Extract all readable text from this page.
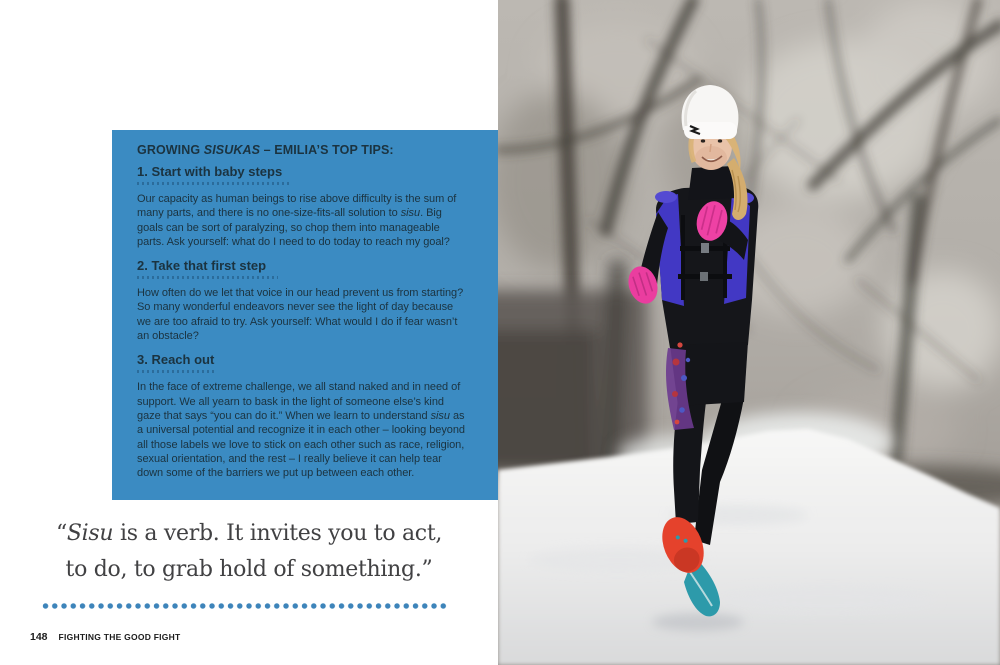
GROWING SISUKAS – EMILIA’S TOP TIPS:
1. Start with baby steps

Our capacity as human beings to rise above difficulty is the sum of many parts, and there is no one-size-fits-all solution to sisu. Big goals can be sort of paralyzing, so chop them into manageable parts. Ask yourself: what do I need to do today to reach my goal?

2. Take that first step

How often do we let that voice in our head prevent us from starting? So many wonderful endeavors never see the light of day because we are too afraid to try. Ask yourself: What would I do if fear wasn’t an obstacle?

3. Reach out

In the face of extreme challenge, we all stand naked and in need of support. We all yearn to bask in the light of someone else’s kind gaze that says “you can do it.” When we learn to understand sisu as a universal potential and recognize it in each other – looking beyond all those labels we love to stick on each other such as race, religion, sexual orientation, and the rest – I really believe it can help tear down some of the barriers we put up between each other.

“Sisu is a verb. It invites you to act,
to do, to grab hold of something.”
148 FIGHTING THE GOOD FIGHT
